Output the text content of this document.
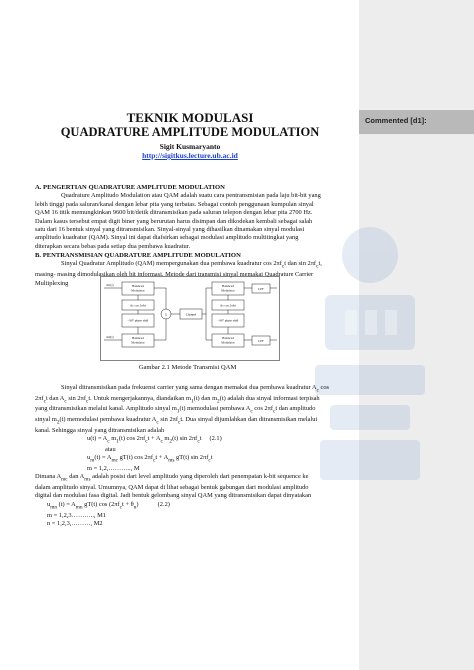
Commented [d1]:
TEKNIK MODULASI
QUADRATURE AMPLITUDE MODULATION
Sigit Kusmaryanto
http://sigitkus.lecture.ub.ac.id
A. PENGERTIAN QUADRATURE AMPLITUDE MODULATION
Quadrature Amplitudo Modulation atau QAM adalah suatu cara pentransmisian pada laju bit-bit yang
lebih tinggi pada saluran/kanal dengan lebar pita yang terbatas. Sebagai contoh penggunaan kumpulan sinyal
QAM 16 titik memungkinkan 9600 bit/detik ditransmisikan pada saluran telepon dengan lebar pita 2700 Hz.
Dalam kasus tersebut empat digit biner yang berurutan harus disimpan dan dikodekan kembali sebagai salah
satu dari 16 bentuk sinyal yang ditransmisikan. Sinyal-sinyal yang dihasilkan dinamakan sinyal modulasi
amplitudo kuadratur (QAM). Sinyal ini dapat diafsirkan sebagai modulasi amplitudo multitingkat yang
diterapkan secara bebas pada setiap dua pembawa kuadratur.
B. PENTRANSMISIAN QUADRATURE AMPLITUDE MODULATION
Sinyal Quadratur Amplitudo (QAM) mempergunakan dua pembawa kuadratur $\cos 2\pi f_ct$ dan $\sin 2\pi f_ct$,
masing- masing dimodulasikan oleh bit informasi. Metode dari transmisi sinyal memakai Quadrature Carrier
Multiplexing	Balanced
Modulator
Ac cos 2πfct
- 90° phase shift
Balanced
Modulator
Σ	Channel
Balanced
Modulator
Ac cos 2πfct
- 90° phase shift
Balanced
Modulator
LPF
LPF
m1(t)
m2(t)
Gambar 2.1 Metode Transmisi QAM
Sinyal ditransmisikan pada frekuensi carrier yang sama dengan memakai dua pembawa kuadratur $A_c$ cos
$2\pi f_ct$ dan $A_c$ $\sin 2\pi f_ct$. Untuk mengerjakannya, diandaikan $m_1(t)$ dan $m_2(t)$ adalah dua sinyal informasi terpisah
yang ditransmisikan melalui kanal. Amplitudo sinyal $m_1(t)$ memodulasi pembawa $A_c$ $\cos 2\pi f_ct$ dan amplitudo
sinyal $m_2(t)$ memodulasi pembawa kuadratur $A_c$ $\sin 2\pi f_ct$. Dua sinyal dijumlahkan dan ditransmisikan melalui
kanal. Sehingga sinyal yang ditransmisikan adalah
$u(t) = A_c$ $m_1(t)$ $\cos 2\pi f_ct + A_c$ $m_2(t)$ $\sin 2\pi f_ct$ (2.1)
atau
$u_m(t) = A_{mc}$ gT(t) $\cos 2\pi f_ct + A_{ms}$ gT(t) $\sin 2\pi f_ct$
m = 1,2,……….., M
Dimana $A_{mc}$ dan $A_{ms}$ adalah posisi dari level amplitudo yang diperoleh dari penempatan k-bit sequence ke
dalam amplitudo sinyal. Umumnya, QAM dapat di lihat sebagai bentuk gabungan dari modulasi amplitudo
digital dan modulasi fasa digital. Jadi bentuk gelombang sinyal QAM yang ditransmisikan dapat dinyatakan
$u_{mn}$ $(t) = A_{mn}$ gT(t) $\cos (2\pi f_ct + \theta_n)$	(2.2)
m = 1,2,3……….., M1
n = 1,2,3,………, M2
